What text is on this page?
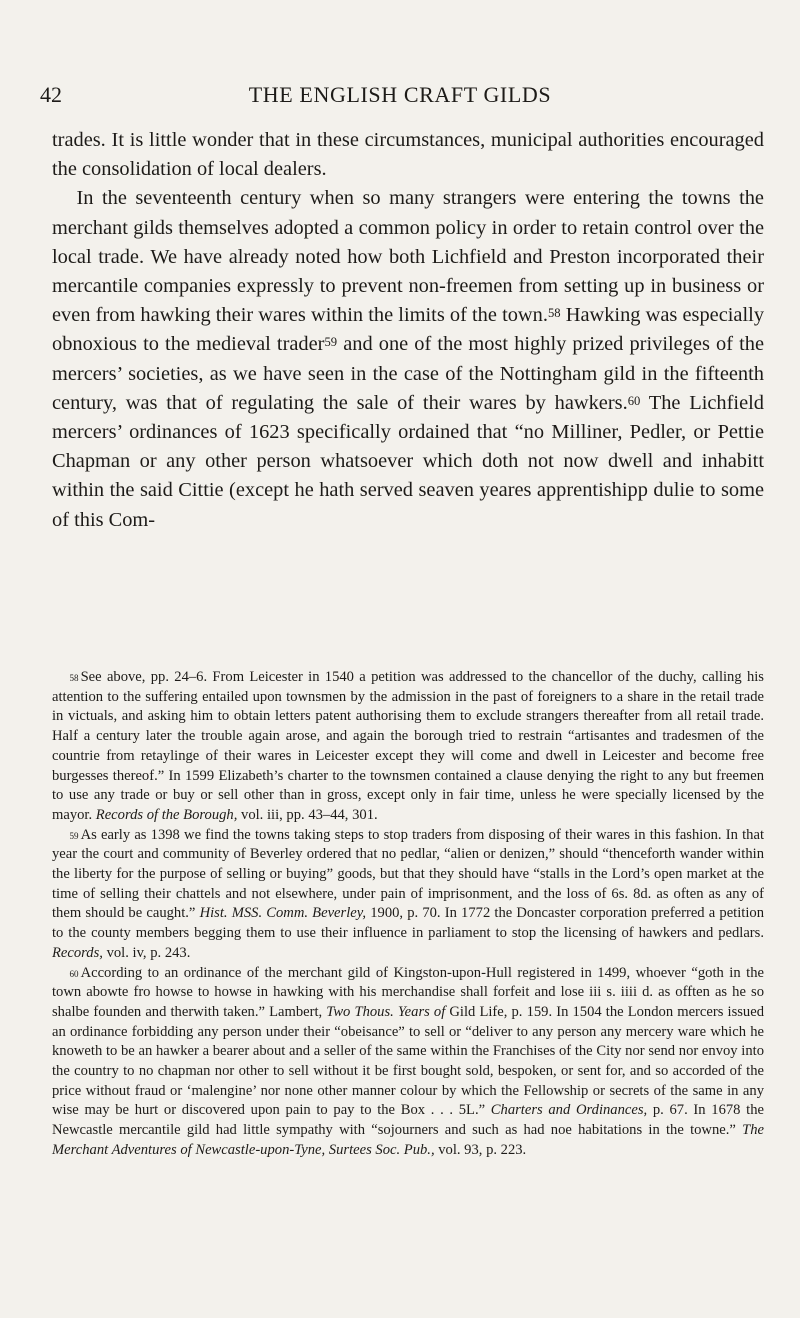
42	THE ENGLISH CRAFT GILDS

trades. It is little wonder that in these circumstances, municipal authorities encouraged the consolidation of local dealers.

In the seventeenth century when so many strangers were entering the towns the merchant gilds themselves adopted a common policy in order to retain control over the local trade. We have already noted how both Lichfield and Preston incorporated their mercantile companies expressly to prevent non-freemen from setting up in business or even from hawking their wares within the limits of the town.$^{58}$ Hawking was especially obnoxious to the medieval trader$^{59}$ and one of the most highly prized privileges of the mercers’ societies, as we have seen in the case of the Nottingham gild in the fifteenth century, was that of regulating the sale of their wares by hawkers.$^{60}$ The Lichfield mercers’ ordinances of 1623 specifically ordained that “no Milliner, Pedler, or Pettie Chapman or any other person whatsoever which doth not now dwell and inhabitt within the said Cittie (except he hath served seaven yeares apprentishipp dulie to some of this Com-

$^{58}$ See above, pp. 24–6. From Leicester in 1540 a petition was addressed to the chancellor of the duchy, calling his attention to the suffering entailed upon townsmen by the admission in the past of foreigners to a share in the retail trade in victuals, and asking him to obtain letters patent authorising them to exclude strangers thereafter from all retail trade. Half a century later the trouble again arose, and again the borough tried to restrain “artisantes and tradesmen of the countrie from retaylinge of their wares in Leicester except they will come and dwell in Leicester and become free burgesses thereof.” In 1599 Elizabeth’s charter to the townsmen contained a clause denying the right to any but freemen to use any trade or buy or sell other than in gross, except only in fair time, unless he were specially licensed by the mayor. Records of the Borough, vol. iii, pp. 43–44, 301.

$^{59}$ As early as 1398 we find the towns taking steps to stop traders from disposing of their wares in this fashion. In that year the court and community of Beverley ordered that no pedlar, “alien or denizen,” should “thenceforth wander within the liberty for the purpose of selling or buying” goods, but that they should have “stalls in the Lord’s open market at the time of selling their chattels and not elsewhere, under pain of imprisonment, and the loss of 6s. 8d. as often as any of them should be caught.” Hist. MSS. Comm. Beverley, 1900, p. 70. In 1772 the Doncaster corporation preferred a petition to the county members begging them to use their influence in parliament to stop the licensing of hawkers and pedlars. Records, vol. iv, p. 243.

$^{60}$ According to an ordinance of the merchant gild of Kingston-upon-Hull registered in 1499, whoever “goth in the town abowte fro howse to howse in hawking with his merchandise shall forfeit and lose iii s. iiii d. as offten as he so shalbe founden and therwith taken.” Lambert, Two Thous. Years of Gild Life, p. 159. In 1504 the London mercers issued an ordinance forbidding any person under their “obeisance” to sell or “deliver to any person any mercery ware which he knoweth to be an hawker a bearer about and a seller of the same within the Franchises of the City nor send nor envoy into the country to no chapman nor other to sell without it be first bought sold, bespoken, or sent for, and so accorded of the price without fraud or ‘malengine’ nor none other manner colour by which the Fellowship or secrets of the same in any wise may be hurt or discovered upon pain to pay to the Box . . . 5L.” Charters and Ordinances, p. 67. In 1678 the Newcastle mercantile gild had little sympathy with “sojourners and such as had noe habitations in the towne.” The Merchant Adventures of Newcastle-upon-Tyne, Surtees Soc. Pub., vol. 93, p. 223.
